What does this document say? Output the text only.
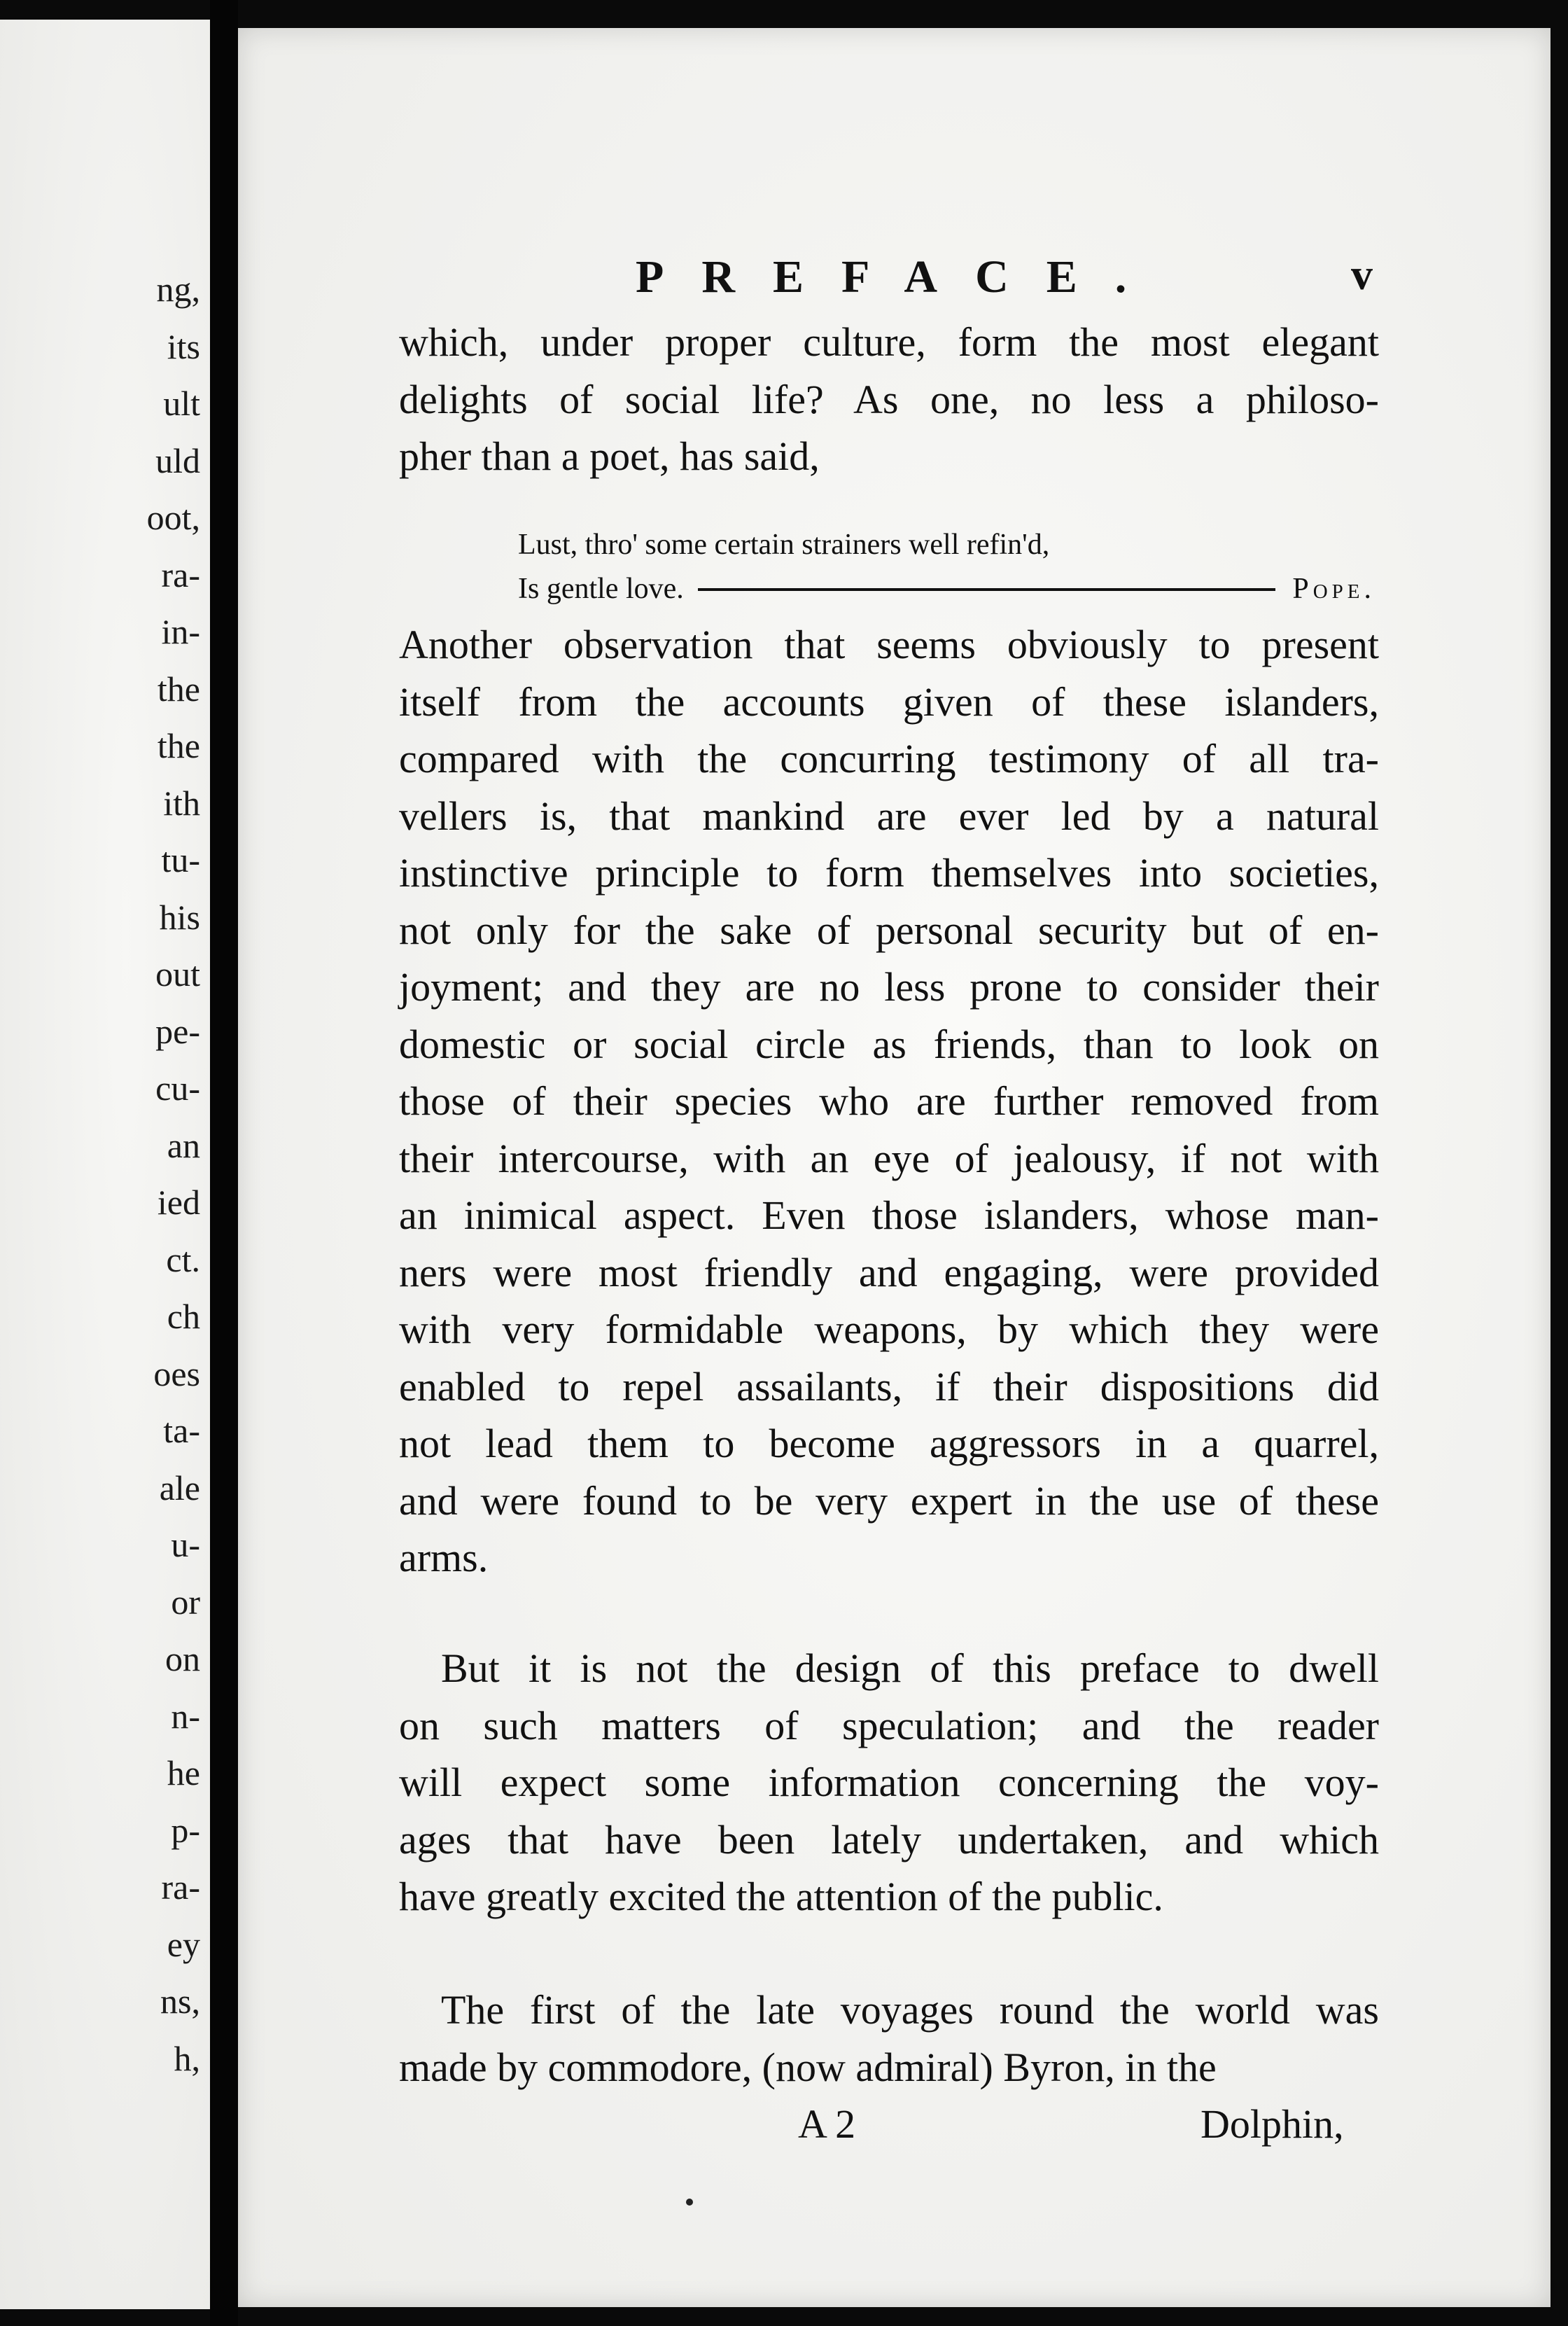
ng,
its
ult
uld
oot,
ra-
in-
the
the
ith
tu-
his
out
pe-
cu-
an
ied
ct.
ch
oes
ta-
ale
u-
or
on
n-
he
p-
ra-
ey
ns,
h,
PREFACE.	v
which, under proper culture, form the most elegant
delights of social life? As one, no less a philoso-
pher than a poet, has said,
Lust, thro' some certain strainers well refin'd,
Is gentle love.	Pope.
Another observation that seems obviously to present
itself from the accounts given of these islanders,
compared with the concurring testimony of all tra-
vellers is, that mankind are ever led by a natural
instinctive principle to form themselves into societies,
not only for the sake of personal security but of en-
joyment; and they are no less prone to consider their
domestic or social circle as friends, than to look on
those of their species who are further removed from
their intercourse, with an eye of jealousy, if not with
an inimical aspect. Even those islanders, whose man-
ners were most friendly and engaging, were provided
with very formidable weapons, by which they were
enabled to repel assailants, if their dispositions did
not lead them to become aggressors in a quarrel,
and were found to be very expert in the use of these
arms.
But it is not the design of this preface to dwell
on such matters of speculation; and the reader
will expect some information concerning the voy-
ages that have been lately undertaken, and which
have greatly excited the attention of the public.
The first of the late voyages round the world was
made by commodore, (now admiral) Byron, in the
A 2	Dolphin,
